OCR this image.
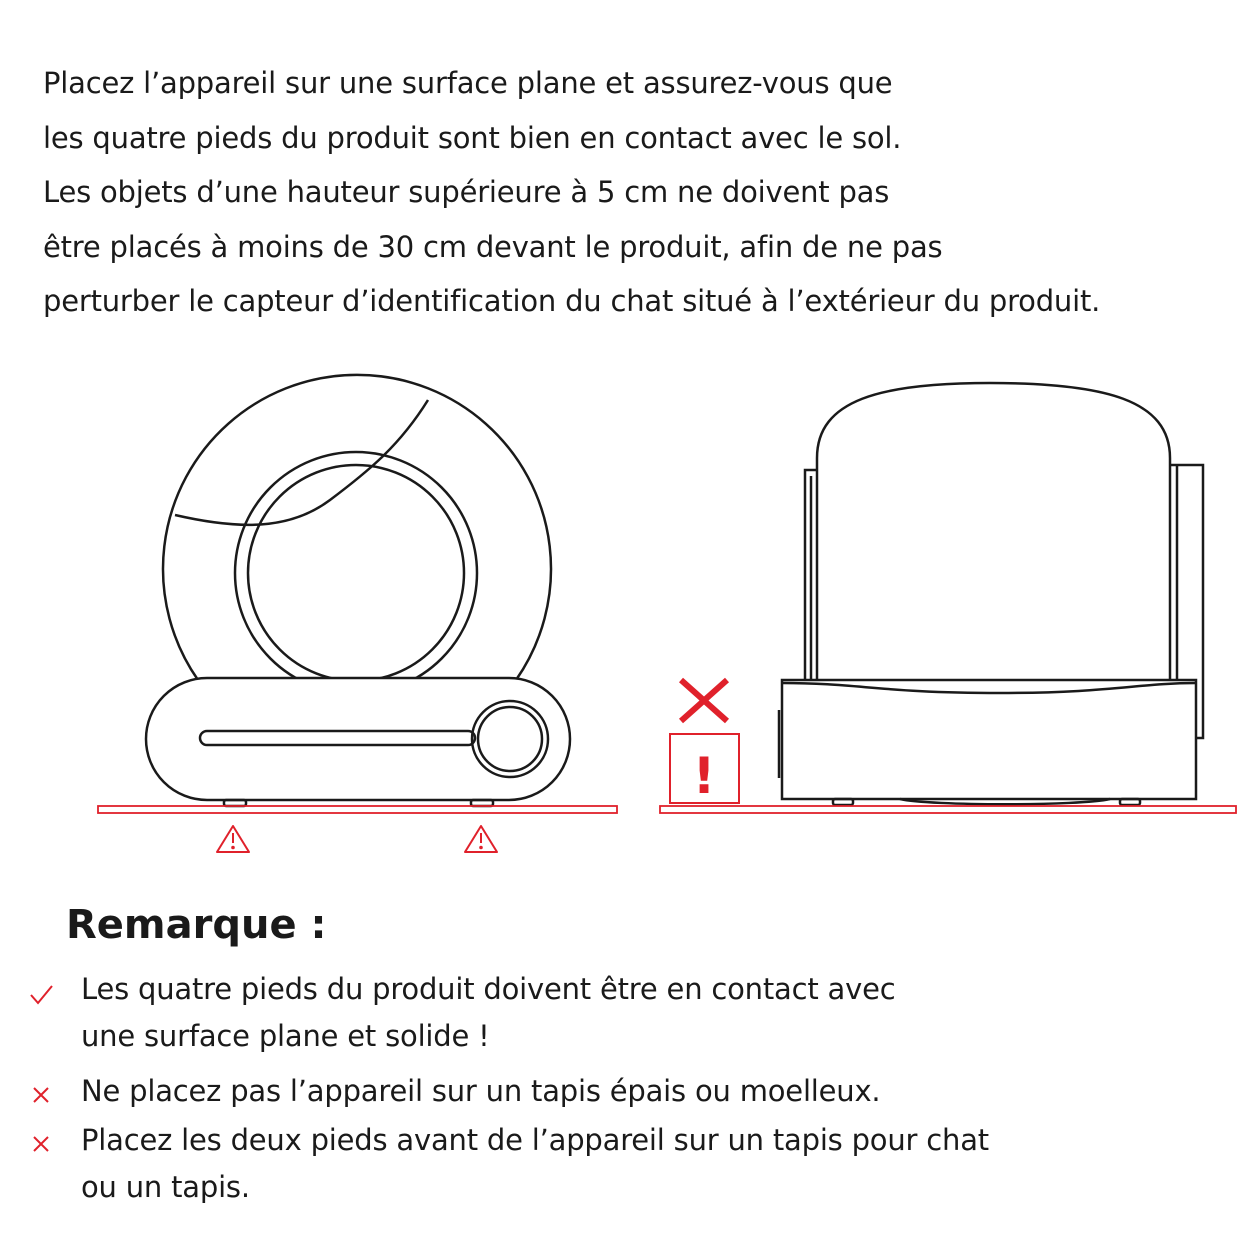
Placez l’appareil sur une surface plane et assurez-vous que
les quatre pieds du produit sont bien en contact avec le sol.
Les objets d’une hauteur supérieure à 5 cm ne doivent pas
être placés à moins de 30 cm devant le produit, afin de ne pas
perturber le capteur d’identification du chat situé à l’extérieur du produit.

!

Remarque :

Les quatre pieds du produit doivent être en contact avec
une surface plane et solide !
Ne placez pas l’appareil sur un tapis épais ou moelleux.
Placez les deux pieds avant de l’appareil sur un tapis pour chat
ou un tapis.
